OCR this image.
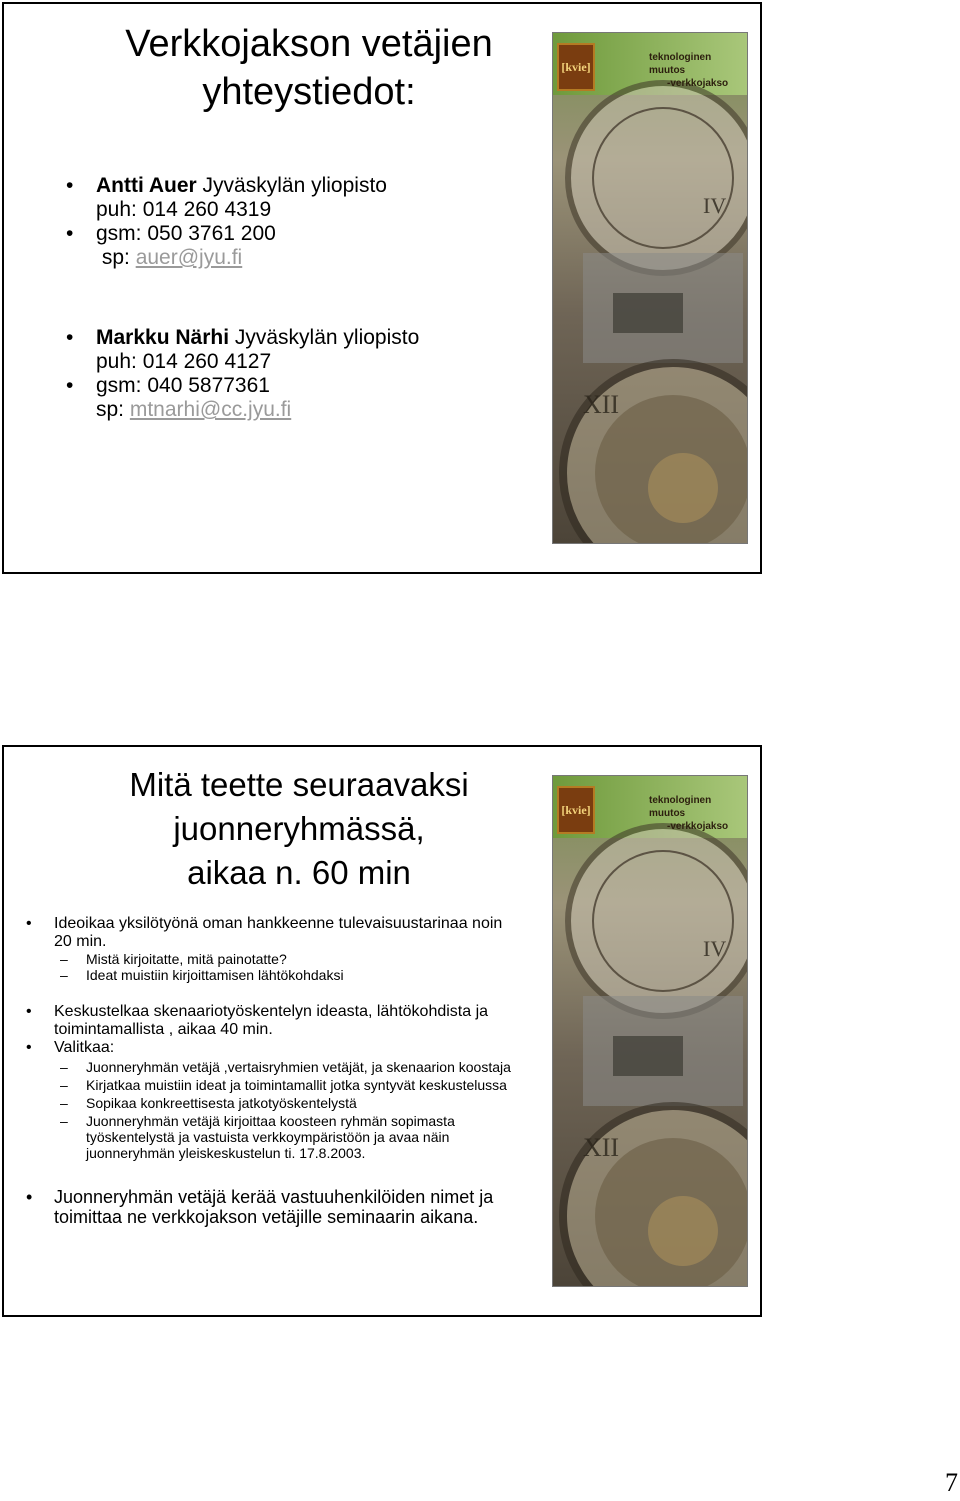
Verkkojakson vetäjien
yhteystiedot:
XII
IV
[kvie]
teknologinen muutos
-verkkojakso
• Antti Auer Jyväskylän yliopisto
puh: 014 260 4319
• gsm: 050 3761 200
sp: auer@jyu.fi
• Markku Närhi Jyväskylän yliopisto
puh: 014 260 4127
• gsm: 040 5877361
sp: mtnarhi@cc.jyu.fi
Mitä teette seuraavaksi
juonneryhmässä,
aikaa n. 60 min
XII
IV
[kvie]
teknologinen muutos
-verkkojakso
• Ideoikaa yksilötyönä oman hankkeenne tulevaisuustarinaa noin 20 min.
– Mistä kirjoitatte, mitä painotatte?
– Ideat muistiin kirjoittamisen lähtökohdaksi
• Keskustelkaa skenaariotyöskentelyn ideasta, lähtökohdista ja toimintamallista , aikaa 40 min.
• Valitkaa:
– Juonneryhmän vetäjä ,vertaisryhmien vetäjät, ja skenaarion koostaja
– Kirjatkaa muistiin ideat ja toimintamallit jotka syntyvät keskustelussa
– Sopikaa konkreettisesta jatkotyöskentelystä
– Juonneryhmän vetäjä kirjoittaa koosteen ryhmän sopimasta työskentelystä ja vastuista verkkoympäristöön ja avaa näin juonneryhmän yleiskeskustelun ti. 17.8.2003.
• Juonneryhmän vetäjä kerää vastuuhenkilöiden nimet ja toimittaa ne verkkojakson vetäjille seminaarin aikana.
7
